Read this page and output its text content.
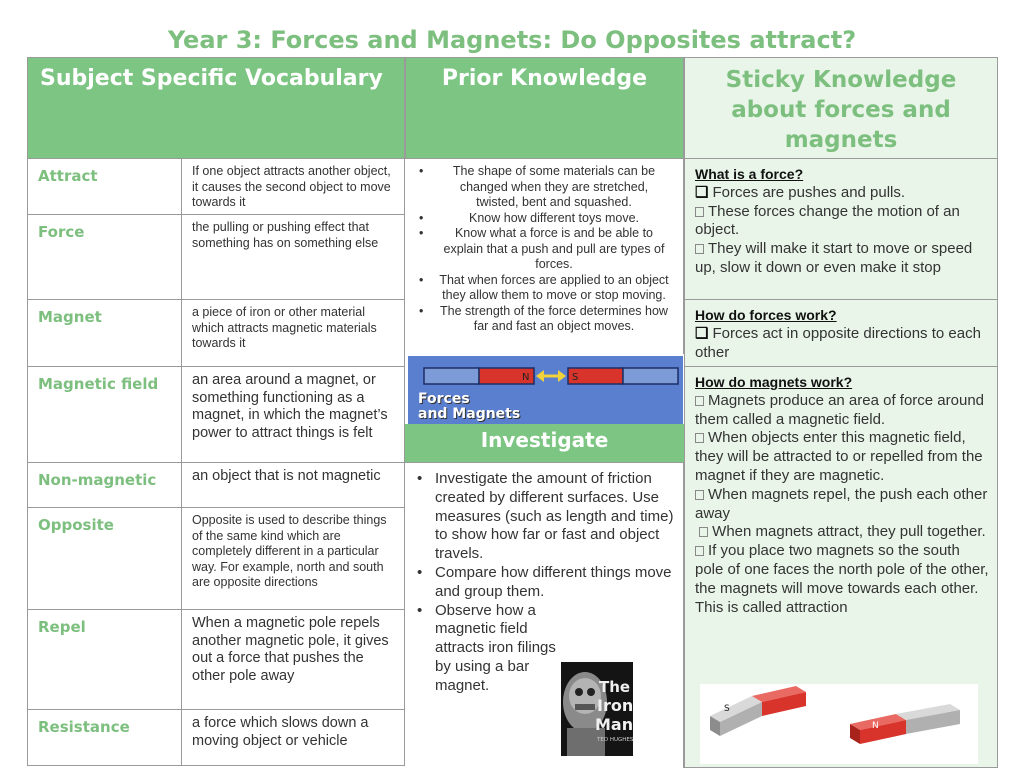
Year 3: Forces and Magnets: Do Opposites attract?
Subject Specific Vocabulary	Prior Knowledge	Sticky Knowledge about forces and magnets
Attract	If one object attracts another object, it causes the second object to move towards it
Force	the pulling or pushing effect that something has on something else
Magnet	a piece of iron or other material which attracts magnetic materials towards it
Magnetic field	an area around a magnet, or something functioning as a magnet, in which the magnet’s power to attract things is felt
Non-magnetic	an object that is not magnetic
Opposite	Opposite is used to describe things of the same kind which are completely different in a particular way. For example, north and south are opposite directions
Repel	When a magnetic pole repels another magnetic pole, it gives out a force that pushes the other pole away
Resistance	a force which slows down a moving object or vehicle
• The shape of some materials can be changed when they are stretched, twisted, bent and squashed.
• Know how different toys move.
• Know what a force is and be able to explain that a push and pull are types of forces.
• That when forces are applied to an object they allow them to move or stop moving.
• The strength of the force determines how far and fast an object moves.
N	S
Forces
and Magnets
Investigate
• Investigate the amount of friction created by different surfaces. Use measures (such as length and time) to show how far or fast and object travels.
• Compare how different things move and group them.
• Observe how a magnetic field attracts iron filings by using a bar magnet.	The
Iron
Man
TED HUGHES
What is a force?
❑ Forces are pushes and pulls.
These forces change the motion of an object.
They will make it start to move or speed up, slow it down or even make it stop
How do forces work?
❑ Forces act in opposite directions to each other
How do magnets work?
Magnets produce an area of force around them called a magnetic field.
When objects enter this magnetic field, they will be attracted to or repelled from the magnet if they are magnetic.
When magnets repel, the push each other away
When magnets attract, they pull together.
If you place two magnets so the south pole of one faces the north pole of the other, the magnets will move towards each other. This is called attraction
S
N
